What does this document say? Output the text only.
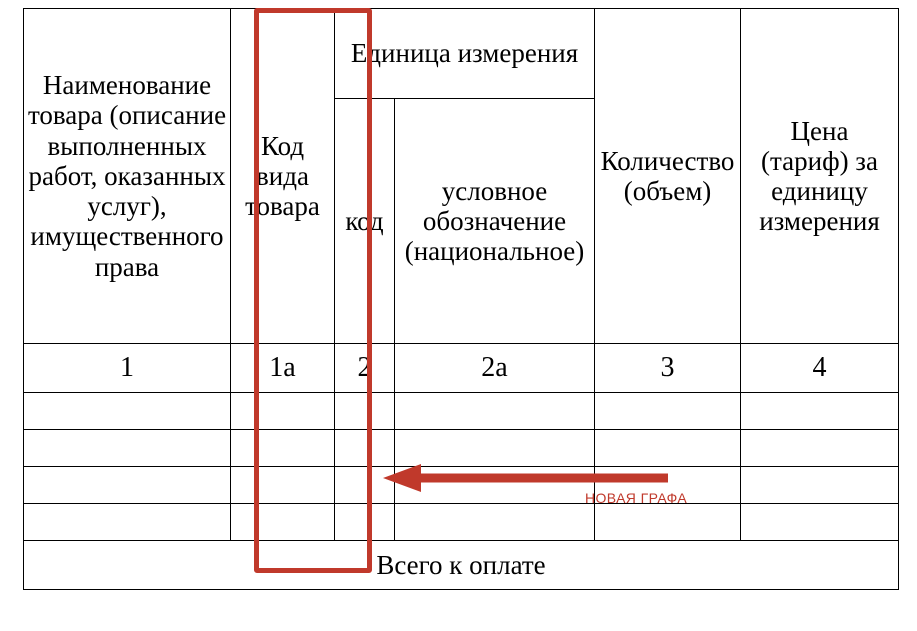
Наименование товара (описание выполненных работ, оказанных услуг), имущественного права	Код вида товара	Единица измерения		Количество (объем)	Цена (тариф) за единицу измерения
		код	условное обозначение (национальное)		
1	1а	2	2а	3	4

Всего к оплате					
НОВАЯ ГРАФА
